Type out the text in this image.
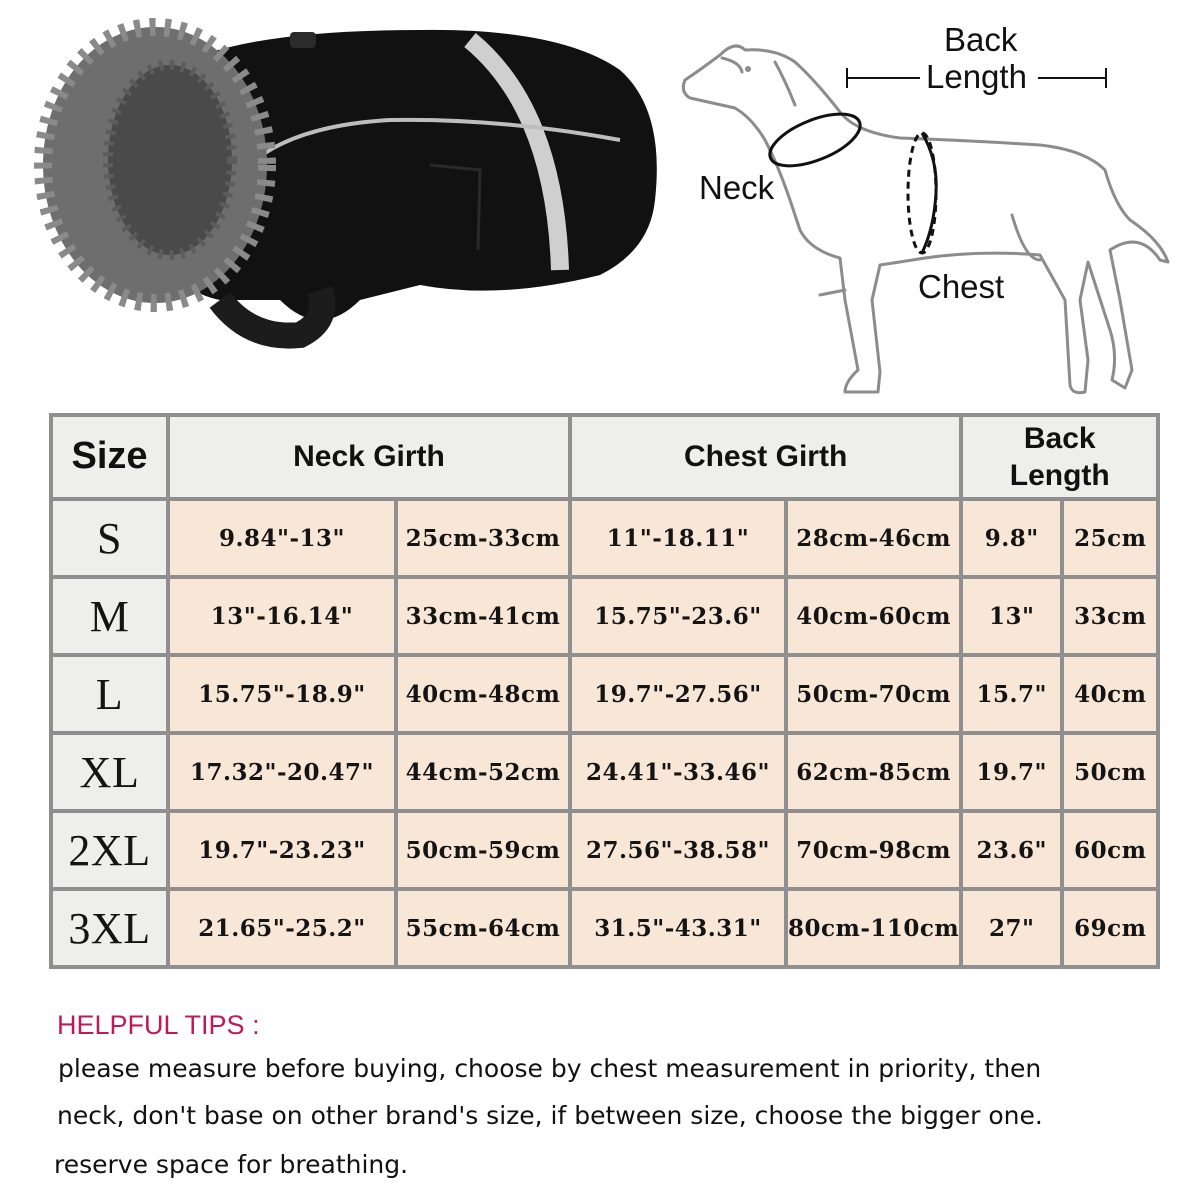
Back
Length
Neck
Chest
Size	Neck Girth		Chest Girth		Back
Length	
S	9.84"-13"	25cm-33cm	11"-18.11"	28cm-46cm	9.8"	25cm
M	13"-16.14"	33cm-41cm	15.75"-23.6"	40cm-60cm	13"	33cm
L	15.75"-18.9"	40cm-48cm	19.7"-27.56"	50cm-70cm	15.7"	40cm
XL	17.32"-20.47"	44cm-52cm	24.41"-33.46"	62cm-85cm	19.7"	50cm
2XL	19.7"-23.23"	50cm-59cm	27.56"-38.58"	70cm-98cm	23.6"	60cm
3XL	21.65"-25.2"	55cm-64cm	31.5"-43.31"	80cm-110cm	27"	69cm
HELPFUL TIPS :
please measure before buying, choose by chest measurement in priority, then
neck, don't base on other brand's size, if between size, choose the bigger one.
reserve space for breathing.
